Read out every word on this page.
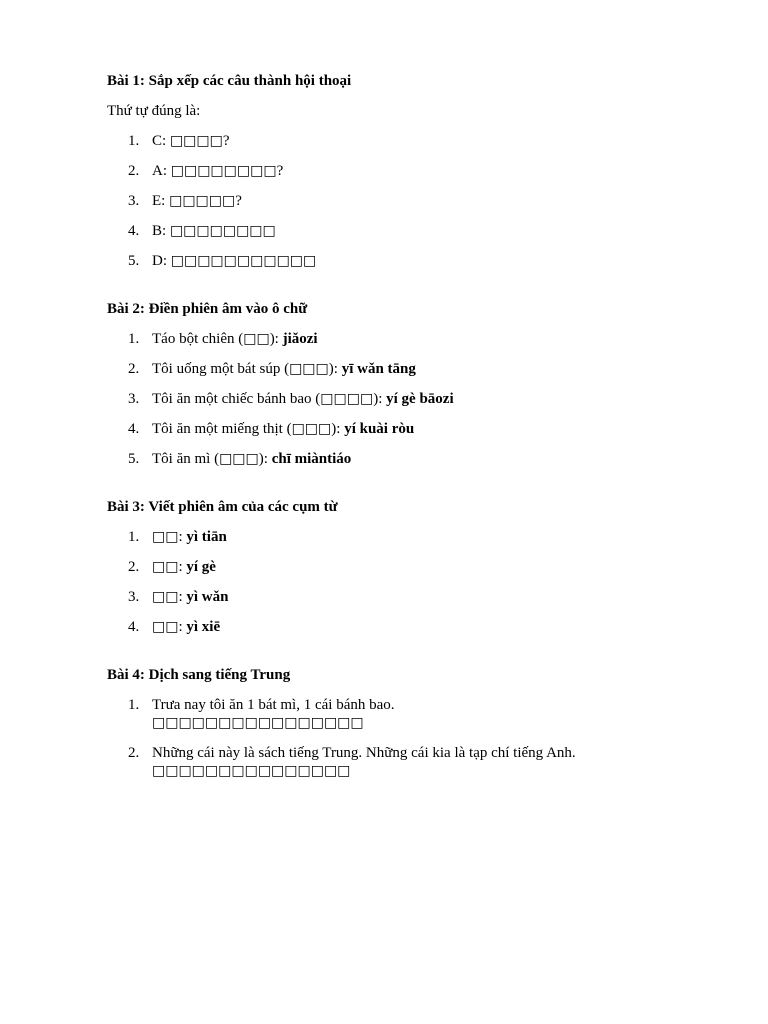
Bài 1: Sắp xếp các câu thành hội thoại
Thứ tự đúng là:
1. C: □□□□?
2. A: □□□□□□□□?
3. E: □□□□□?
4. B: □□□□□□□□
5. D: □□□□□□□□□□□
Bài 2: Điền phiên âm vào ô chữ
1. Táo bột chiên (□□): jiǎozi
2. Tôi uống một bát súp (□□□): yī wǎn tāng
3. Tôi ăn một chiếc bánh bao (□□□□): yí gè bāozi
4. Tôi ăn một miếng thịt (□□□): yí kuài ròu
5. Tôi ăn mì (□□□): chī miàntiáo
Bài 3: Viết phiên âm của các cụm từ
1. □□: yì tiān
2. □□: yí gè
3. □□: yì wǎn
4. □□: yì xiē
Bài 4: Dịch sang tiếng Trung
1. Trưa nay tôi ăn 1 bát mì, 1 cái bánh bao.
□□□□□□□□□□□□□□□□
2. Những cái này là sách tiếng Trung. Những cái kia là tạp chí tiếng Anh.
□□□□□□□□□□□□□□□
